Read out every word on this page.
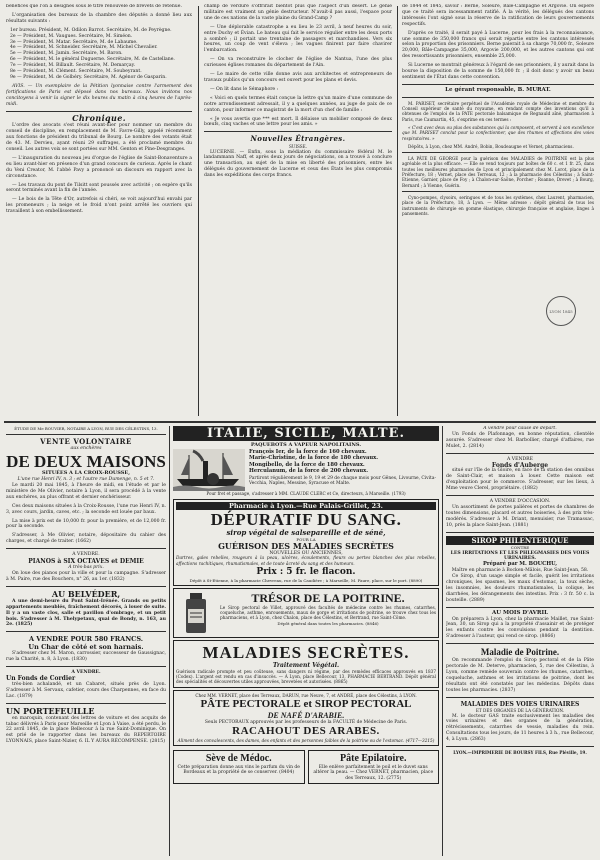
bénéfices que l'on a désignés sous le titre renouvelé de brevets de retenue.

L'organisation des bureaux de la chambre des députés a donné lieu aux résultats suivants :

1er bureau. Président, M. Odilon Barrot. Secrétaire, M. de Peyrègne.
2e — Président, M. Vaugues. Secrétaire, M. Siméon.
3e — Président, M. Matar. Secrétaire, M. de Labaume.
4e — Président, M. Schneider. Secrétaire, M. Michel Chevalier.
5e — Président, M. Jamin. Secrétaire, M. Baron.
6e — Président, M. le général Duguerne. Secrétaire, M. de Castellane.
7e — Président, M. Billault. Secrétaire, M. Demarçay.
8e — Président, M. Clément. Secrétaire, M. Soubeyrant.
9e — Président, M. de Golbéry. Secrétaire, M. Agénor de Gasparin.

AVIS. — Un exemplaire de la Pétition lyonnaise contre l'armement des fortifications de Paris est déposé dans nos bureaux. Nous invitons nos concitoyens à venir la signer le dix heures du matin à cinq heures de l'après-midi.

Chronique.

L'ordre des avocats s'est réuni avant-hier pour nommer un membre du conseil de discipline, en remplacement de M. Favre-Gilly, appelé récemment aux fonctions de président du tribunal de Bourg. Le nombre des votants était de 43. M. Dervieu, ayant réuni 29 suffrages, a été proclamé membre du conseil. Les autres voix se sont portées sur MM. Genton et Pine-Desgranges.

— L'inauguration du nouveau jeu d'orgue de l'église de Saint-Bonaventure a eu lieu avant-hier en présence d'un grand concours de curieux. Après le chant du Veni Creator, M. l'abbé Pavy a prononcé un discours en rapport avec la circonstance.

— Les travaux du pont de Tilsitt sont poussés avec activité ; on espère qu'ils seront terminés avant la fin de l'année.

— Le bois de la Tête d'Or, autrefois si chéri, se voit aujourd'hui envahi par les promeneurs ; la neige et le froid n'ont point arrêté les ouvriers qui travaillent à son embellissement.

champ de verdure s'offrirait bientôt plus que l'aspect d'un désert. Le génie militaire est vraiment un génie destructeur. N'avait-il pas aussi, l'espace pour une de ces nations de la vaste plaine du Grand-Camp ?

— Une déplorable catastrophe a eu lieu le 23 avril, à neuf heures du soir, entre Duchy et Évian. Le bateau qui fait le service régulier entre les deux ports a sombré ; il portait une trentaine de passagers et marchandises. Vers six heures, un coup de vent s'éleva ; les vagues finirent par faire chavirer l'embarcation.

— On va reconstruire le clocher de l'église de Nantua, l'une des plus curieuses églises romanes du département de l'Ain.

— Le maire de cette ville donne avis aux architectes et entrepreneurs de travaux publics qu'un concours est ouvert pour les plans et devis.

— On lit dans le Sémaphore :

« Voici en quels termes était conçue la lettre qu'un maire d'une commune de notre arrondissement adressait, il y a quelques années, au juge de paix de ce canton, pour informer ce magistrat de la mort d'un chef de famille :

« Je vous avertis que *** est mort. Il délaisse un mobilier composé de deux bœufs, cinq vaches et une lettre pour les amis. »

Nouvelles Étrangères.
SUISSE.

LUCERNE. — Enfin, sous la médiation du commissaire fédéral M. le landammann Naff, et après deux jours de négociations, on a trouvé à conclure une transaction, au sujet de la mise en liberté des prisonniers, entre les délégués du gouvernement de Lucerne et ceux des États les plus compromis dans les expéditions des corps francs.

de 1844 et 1845, savoir : Berne, Soleure, Bâle-Campagne et Argovie. On espère que ce traité sera incessamment ratifié. À la vérité, les délégués des cantons intéressés l'ont signé sous la réserve de la ratification de leurs gouvernements respectifs.

D'après ce traité, il serait payé à Lucerne, pour les frais à la reconnaissance, une somme de 350,000 francs qui serait répartie entre les cantons intéressés selon la proportion des prisonniers. Berne paierait à sa charge 70,000 fr., Soleure 20,000, Bâle-Campagne 35,000, Argovie 200,000, et les autres cantons qui ont des ressortissants prisonniers, ensemble 25,000.

Si Lucerne se montrait généreux à l'égard de ses prisonniers, il y aurait dans la bourse la disposition de la somme de 150,000 fr. ; il doit donc y avoir un beau sentiment de l'État dans cette convention.

Le gérant responsable, B. MURAT.

M. PARISET, secrétaire perpétuel de l'Académie royale de Médecine et membre du Conseil supérieur de santé du royaume, en rendant compte des inventions qu'il a obtenues de l'emploi de la PATE pectorale balsamique de Regnauld aîné, pharmacien à Paris, rue Caumartin, 45, s'exprime en ces termes :

« C'est avec deux ou plus des substances qui la composent, et servent à son excellence que M. PARISET conclut pour la confectionner, que des rhumes et affections des voies respiratoires. »

Dépôts, à Lyon, chez MM. André, Bobin, Boudeaugne et Vernet, pharmaciens.

LA PÂTE DE GEORGE pour la guérison des MALADIES de POITRINE est la plus agréable et la plus efficace. — Elle se vend toujours par boîtes de 60 c. et 1 fr. 25, dans toutes les meilleures pharmacies de Lyon et principalement chez M. Lorot, place de la Préfecture, 18 ; Vernet, place des Terreaux, 12 ; à la pharmacie des Célestins ; à Saint-Etienne, Garnier, place de Foy ; à Chalon-sur-Saône, Porcher ; Roanne, Drevet ; à Bourg, Bernard ; à Vienne, Guérin.

Cyno-pompes, clysoirs, seringues et de tous les systèmes, chez Laurent, pharmacien, place de la Préfecture, 18, à Lyon. — Même adresse : dépôt général de tous les instruments de chirurgie en gomme élastique, chirurgie française et anglaise, linges à pansements.

LYON 1845
ÉTUDE DE Me BOUVIER, NOTAIRE A LYON, RUE DES CÉLESTINS, 13.
VENTE VOLONTAIRE
aux enchères
DE DEUX MAISONS
SITUÉES A LA CROIX-ROUSSE,
L'une rue Henri IV, n. 3 ; et l'autre rue Dumenge, n. 5 et 7.

Le mardi 20 mai 1845, à l'heure de midi, en l'étude et par le ministère de Me Olivier, notaire à Lyon, il sera procédé à la vente aux enchères, au plus offrant et dernier enchérisseur.

Ces deux maisons situées à la Croix-Rousse, l'une rue Henri IV, n. 3, avec cours, jardin, caves, etc. ; la seconde est louée par baux.

La mise à prix est de 10,000 fr. pour la première, et de 12,000 fr. pour la seconde.

S'adresser, à Me Olivier, notaire, dépositaire du cahier des charges, et chargé de traiter. (1662)

A VENDRE.
PIANOS à SIX OCTAVES et DEMIE
A très-bas prix.

On loue des pianos pour la ville et pour la campagne. S'adresser à M. Paire, rue des Bouchers, n° 26, au 1er. (1832)

AU BELVÉDER,

A une demi-heure du Pont Saint-Irénée. Grands ou petits appartements meublés, fraîchement décorés, à louer de suite. Il y a un vaste clos, salle et pavillon d'ombrage, et un petit bois. S'adresser à M. Thelypetaux, quai de Bondy, n. 163, au 2e. (1825)

A VENDRE POUR 580 FRANCS.
Un Char de côté et son harnais.

S'adresser chez M. Maron, carrossier, successeur de Gaussignac, rue la Charité, n. 8, à Lyon. (1830)

A VENDRE.
Un Fonds de Cordier

très-bien achalandé, et un Cabaret, situés près de Lyon. S'adresser à M. Servaux, cafetier, cours des Charpennes, en face du Lac. (1879)

UN PORTEFEUILLE

en maroquin, contenant des lettres de voiture et des acquits de tabac délivrés à Paris pour Marseille et Lyon à Vaise, a été perdu, le 22 avril 1845, de la place Bellecour à la rue Saint-Dominique. On est prié de le rapporter dans les bureaux du REPERTOIRE LYONNAIS, place Saint-Nizier, 6. IL Y AURA RÉCOMPENSE. (2815)

ITALIE, SICILE, MALTE.
PAQUEBOTS A VAPEUR NAPOLITAINS.
François Ier, de la force de 160 chevaux.
Marie-Christine, de la force de 180 chevaux.
Mongibello, de la force de 180 chevaux.
Herculanum, de la force de 200 chevaux.
Partiront régulièrement le 9, 19 et 29 de chaque mois pour Gênes, Livourne, Civita-Vecchia, Naples, Messine, Syracuse et Malte.
Pour fret et passage, s'adresser à MM. CLAUDE CLERC et Ce, directeurs, à Marseille. (1793)
Pharmacie à Lyon.—Rue Palais-Grillet, 23.
DÉPURATIF DU SANG.
sirop végétal de salsepareille et de séné,
POUR LA
GUÉRISON DES MALADIES SECRÈTES
NOUVELLES OU ANCIENNES,
Dartres, gales rebelles, rougeurs à la peau, ulcères, écoulements, fleurs ou pertes blanches des plus rebelles, affections rachitiques, rhumatismales, et de toute âcreté du sang et des humeurs.
Prix : 5 fr. le flacon.
Dépôt à St-Etienne, à la pharmacie Chevreau, rue de la Caudière ; à Marseille, M. Faure, place, sur le port. (8890)
TRÉSOR DE LA POITRINE.
Le Sirop pectoral de Villet, approuvé des facultés de médecine contre les rhumes, catarrhes, coqueluche, asthme, enrouements, maux de gorge et irritations de poitrine, se trouve chez tous les pharmaciens, et à Lyon, chez Chalon, place des Célestins, et Bertrand, rue Saint-Côme.
Dépôt général dans toutes les pharmacies. (8846)
MALADIES SECRÈTES.
Traitement Végétal.
Guérison radicale prompte et peu coûteuse, sans dangers ni régime, par des remèdes efficaces approuvés en 1837 (Codex). L'argent est rendu en cas d'insuccès. — À Lyon, place Bellecour, 13, PHARMACIE BERTRAND. Dépôt général des spécialités et découvertes utiles approuvées, brevetées et autorisées. (8865)
Chez MM. VERNET, place des Terreaux, DARUN, rue Neuve, 7, et ANDRÉ, place des Célestins, à LYON.
PÂTE PECTORALE et SIROP PECTORAL
DE NAFÉ D'ARABIE.
Seuls PECTORAUX approuvés par les professeurs de la FACULTÉ de Médecine de Paris.
RACAHOUT DES ARABES.
Aliment des convalescents, des dames, des enfants et des personnes faibles de la poitrine ou de l'estomac. (4717—3215)
Sève de Médoc.
Cette préparation donne aux vins le parfum du vin de Bordeaux et la propriété de se conserver. (8404)
Pâte Epilatoire.
Elle enlève parfaitement le poil et le duvet sans altérer la peau. — Chez VERNET, pharmacien, place des Terreaux, 12. (2775)
A vendre pour cause de départ.

Un Fonds de Plafonnage, en bonne réputation, clientèle assurée. S'adresser chez M. Barbollier, chargé d'affaires, rue Mulet, 2. (2814)

A VENDRE
Fonds d'Auberge

situé sur l'île de la Gloire, en face de la station des omnibus de Saint-Clair, et maison à louer. Cette maison est d'exploitation pour le commerce. S'adresser, sur les lieux, à Mme veuve Clerel, propriétaire. (1882)

A VENDRE D'OCCASION.

Un assortiment de portes palières et portes de chambres de toutes dimensions, placard et autres boiseries, à des prix très-modérés. S'adresser à M. Driant, menuisier, rue Tramassac, 10, près la place Saint-Jean. (1881)

SIROP PHILENTERIQUE
CONTRE
LES IRRITATIONS ET LES PHLEGMASIES DES VOIES URINAIRES.
Préparé par M. BOUCHU,
Maître en pharmacie à Bocken-Mâlois, Rue Saint-Jean, 58.

Ce Sirop, d'un usage simple et facile, guérit les irritations chroniques, les spasmes, les maux d'estomac, la toux sèche, les insomnies, les douleurs rhumatismales, la colique, les diarrhées, les dérangements des intestins. Prix : 3 fr. 50 c. la bouteille. (2889)

AU MOIS D'AVRIL

On préparera à Lyon, chez la pharmacie Maillet, rue Saint-Jean, 30, un Sirop qui a la propriété d'assainir et de protéger les enfants contre les convulsions pendant la dentition. S'adresser à l'auteur, qui vend ce sirop. (8866)

Maladie de Poitrine.

On recommande l'emploi du Sirop pectoral et de la Pâte pectorale de M. Deterve, pharmacien, 5, rue des Célestins, à Lyon, comme remède souverain contre les rhumes, catarrhes, coqueluche, asthmes et les irritations de poitrine, dont les résultats ont été constatés par les médecins. Dépôts dans toutes les pharmacies. (2837)

MALADIES DES VOIES URINAIRES
ET DES ORGANES DE LA GÉNÉRATION.

M. le docteur GAS traite exclusivement les maladies des voies urinaires et des organes de la génération, rétrécissements, catarrhes de vessie, maladies du rein. Consultations tous les jours, de 11 heures à 3 h., rue Bellecour, 4, à Lyon. (2863)

LYON.—IMPRIMERIE DE BOURSY FILS, Rue Pléville, 19.
